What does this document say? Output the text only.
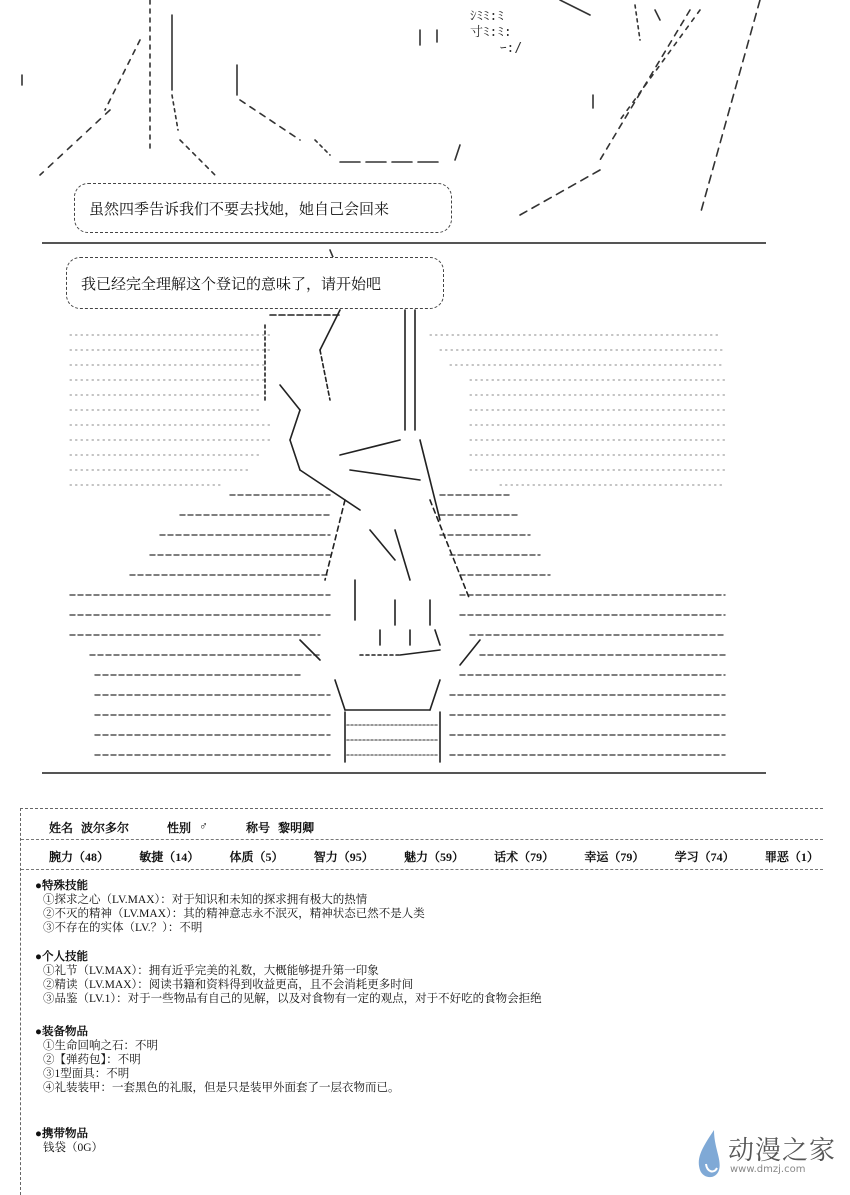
ｼﾐﾐ:ﾐ
寸ﾐ:ﾐ:
ｰ:/
虽然四季告诉我们不要去找她，她自己会回来
我已经完全理解这个登记的意味了，请开始吧
姓名 波尔多尔	性别 ♂	称号 黎明卿
腕力（48）	敏捷（14）	体质（5）	智力（95）	魅力（59）	话术（79）	幸运（79）	学习（74）	罪恶（1）
●特殊技能
①探求之心（LV.MAX）：对于知识和未知的探求拥有极大的热情
②不灭的精神（LV.MAX）：其的精神意志永不泯灭，精神状态已然不是人类
③不存在的实体（LV.？）：不明
●个人技能
①礼节（LV.MAX）：拥有近乎完美的礼数，大概能够提升第一印象
②精读（LV.MAX）：阅读书籍和资料得到收益更高，且不会消耗更多时间
③品鉴（LV.1）：对于一些物品有自己的见解，以及对食物有一定的观点，对于不好吃的食物会拒绝
●装备物品
①生命回响之石：不明
②【弹药包】：不明
③1型面具：不明
④礼装装甲：一套黑色的礼服，但是只是装甲外面套了一层衣物而已。
●携带物品
钱袋（0G）	动漫之家
www.dmzj.com
